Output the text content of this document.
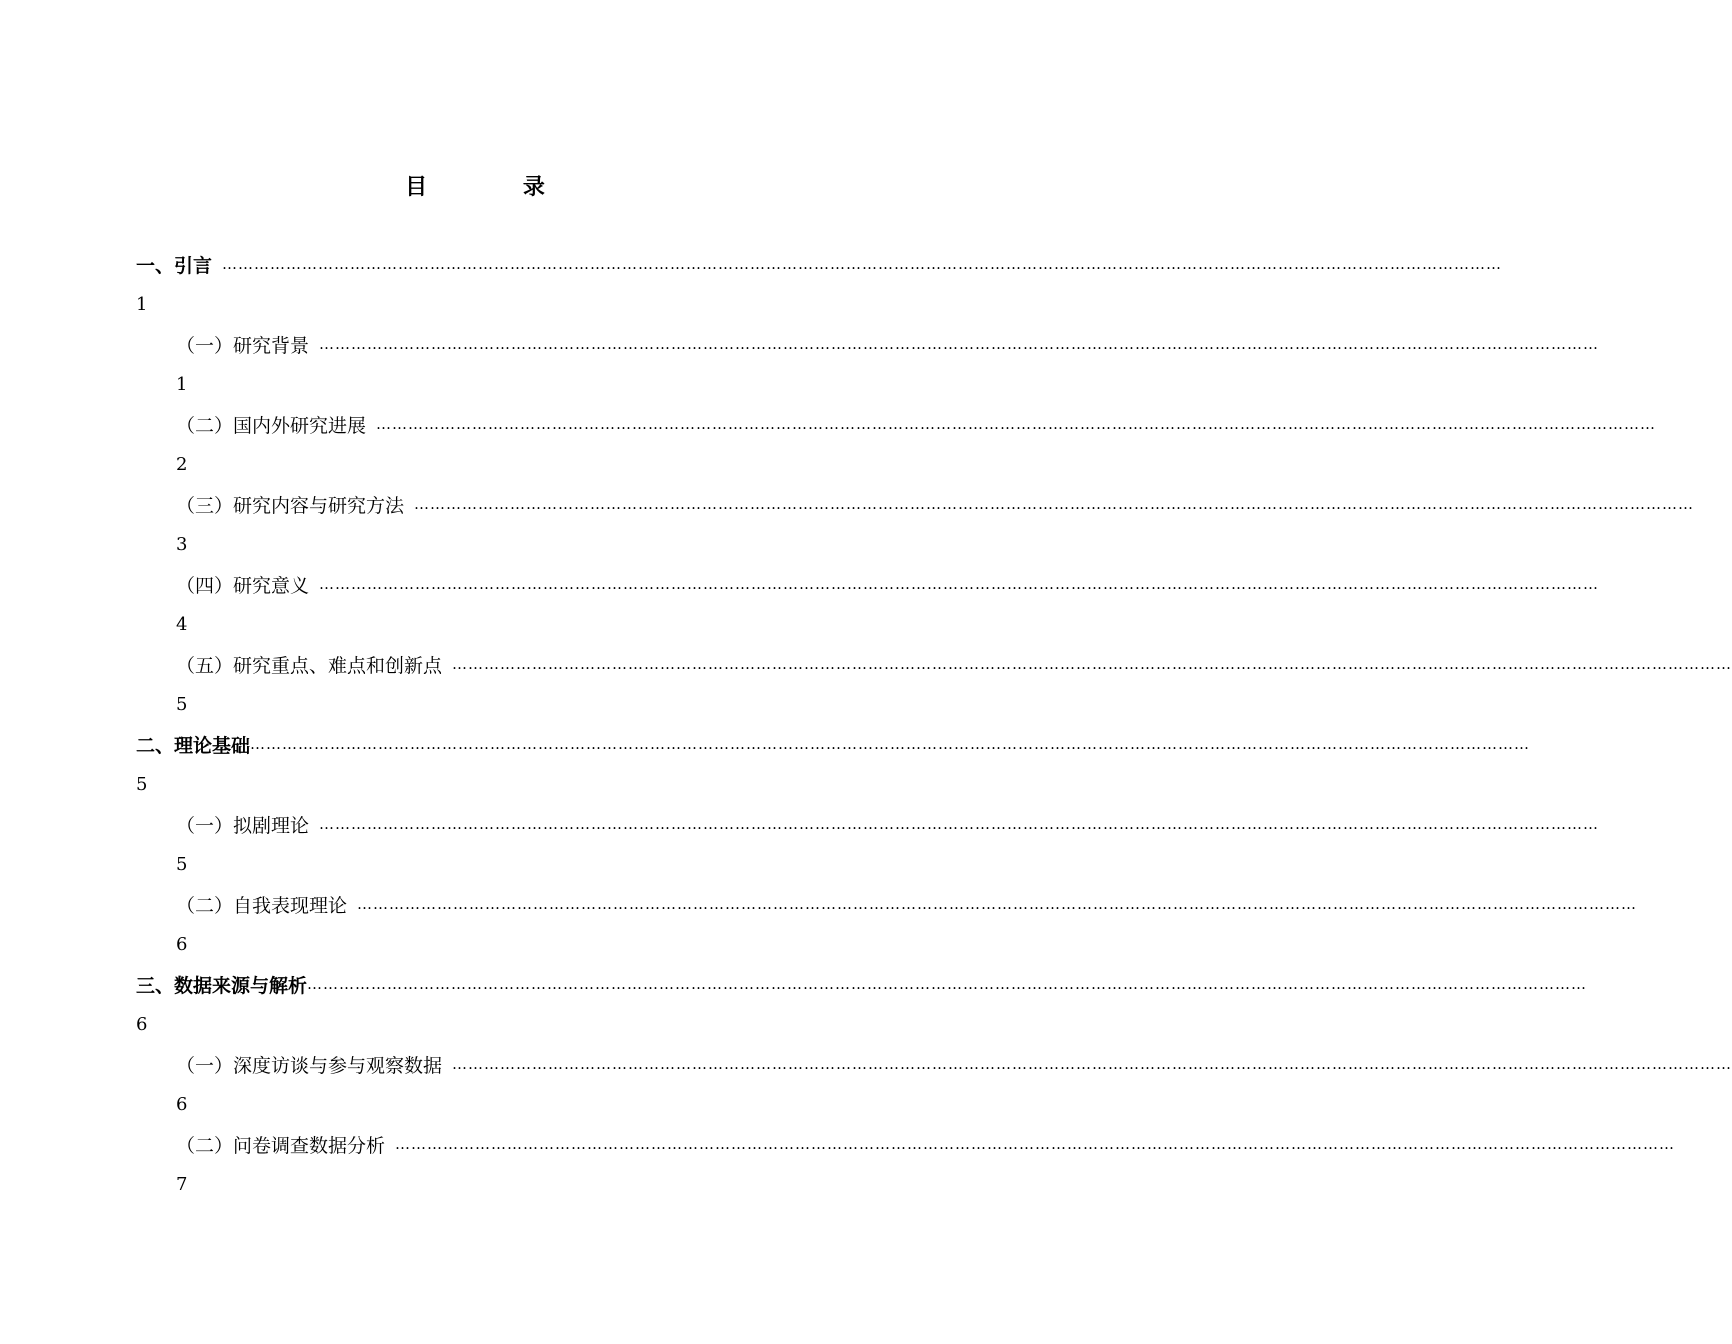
目 录
一、引言 ……………………………………………………………………………………………………………………………………………………………………………………………………………………
1
（一）研究背景 ……………………………………………………………………………………………………………………………………………………………………………………………………………………
1
（二）国内外研究进展 ……………………………………………………………………………………………………………………………………………………………………………………………………………………
2
（三）研究内容与研究方法 ……………………………………………………………………………………………………………………………………………………………………………………………………………………
3
（四）研究意义 ……………………………………………………………………………………………………………………………………………………………………………………………………………………
4
（五）研究重点、难点和创新点 ……………………………………………………………………………………………………………………………………………………………………………………………………………………
5
二、理论基础 ……………………………………………………………………………………………………………………………………………………………………………………………………………………
5
（一）拟剧理论 ……………………………………………………………………………………………………………………………………………………………………………………………………………………
5
（二）自我表现理论 ……………………………………………………………………………………………………………………………………………………………………………………………………………………
6
三、数据来源与解析 ……………………………………………………………………………………………………………………………………………………………………………………………………………………
6
（一）深度访谈与参与观察数据 ……………………………………………………………………………………………………………………………………………………………………………………………………………………
6
（二）问卷调查数据分析 ……………………………………………………………………………………………………………………………………………………………………………………………………………………
7
